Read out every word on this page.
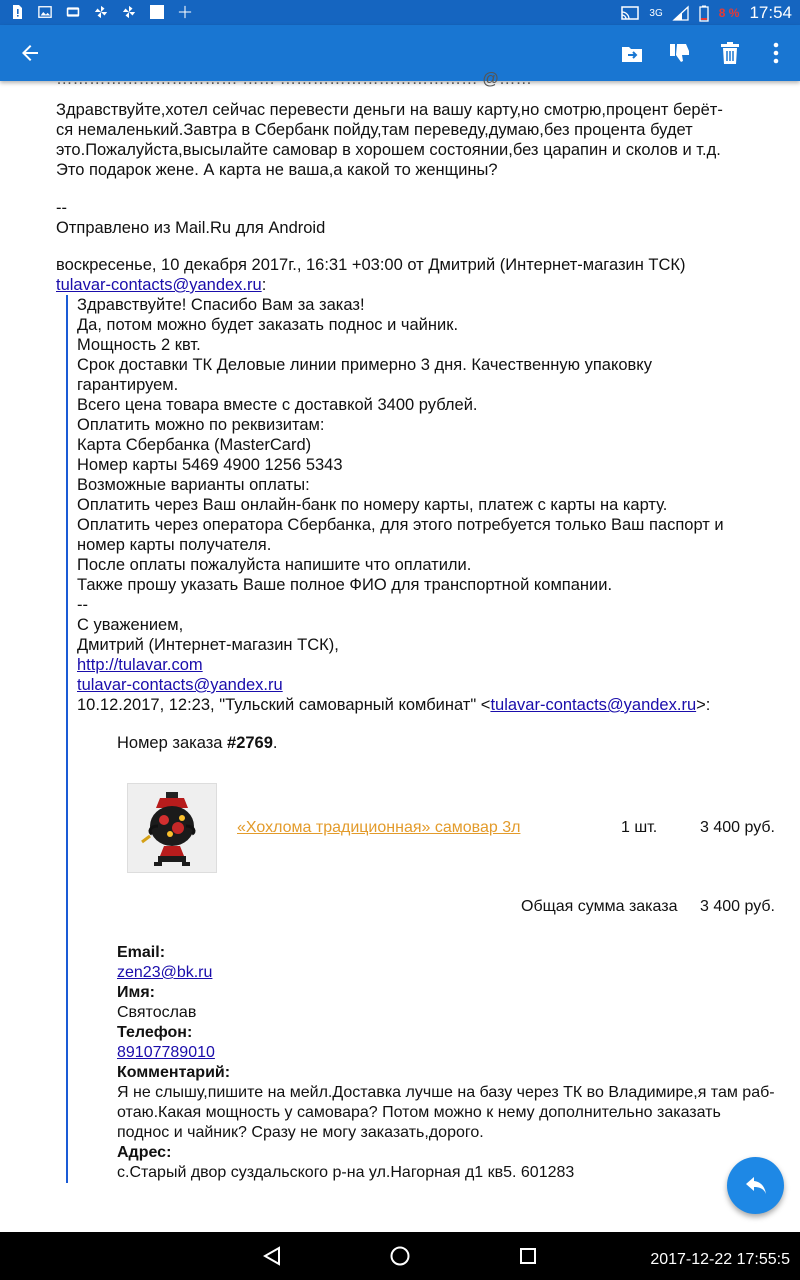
3G	8 % 17:54
…………………………… …… ……………………………… @……
Здравствуйте,хотел сейчас перевести деньги на вашу карту,но смотрю,процент берёт-
ся немаленький.Завтра в Сбербанк пойду,там переведу,думаю,без процента будет
это.Пожалуйста,высылайте самовар в хорошем состоянии,без царапин и сколов и т.д.
Это подарок жене. А карта не ваша,а какой то женщины?
--
Отправлено из Mail.Ru для Android
воскресенье, 10 декабря 2017г., 16:31 +03:00 от Дмитрий (Интернет-магазин ТСК)
tulavar-contacts@yandex.ru:
Здравствуйте! Спасибо Вам за заказ!
Да, потом можно будет заказать поднос и чайник.
Мощность 2 квт.
Срок доставки ТК Деловые линии примерно 3 дня. Качественную упаковку
гарантируем.
Всего цена товара вместе с доставкой 3400 рублей.
Оплатить можно по реквизитам:
Карта Сбербанка (MasterCard)
Номер карты 5469 4900 1256 5343
Возможные варианты оплаты:
Оплатить через Ваш онлайн-банк по номеру карты, платеж с карты на карту.
Оплатить через оператора Сбербанка, для этого потребуется только Ваш паспорт и
номер карты получателя.
После оплаты пожалуйста напишите что оплатили.
Также прошу указать Ваше полное ФИО для транспортной компании.
--
С уважением,
Дмитрий (Интернет-магазин ТСК),
http://tulavar.com
tulavar-contacts@yandex.ru
10.12.2017, 12:23, "Тульский самоварный комбинат" <tulavar-contacts@yandex.ru>:
Номер заказа #2769.
«Хохлома традиционная» самовар 3л	1 шт.	3 400 руб.
Общая сумма заказа 3 400 руб.
Email:
zen23@bk.ru
Имя:
Святослав
Телефон:
89107789010
Комментарий:
Я не слышу,пишите на мейл.Доставка лучше на базу через ТК во Владимире,я там раб-
отаю.Какая мощность у самовара? Потом можно к нему дополнительно заказать
поднос и чайник? Сразу не могу заказать,дорого.
Адрес:
с.Старый двор суздальского р-на ул.Нагорная д1 кв5. 601283
2017-12-22 17:55:5
